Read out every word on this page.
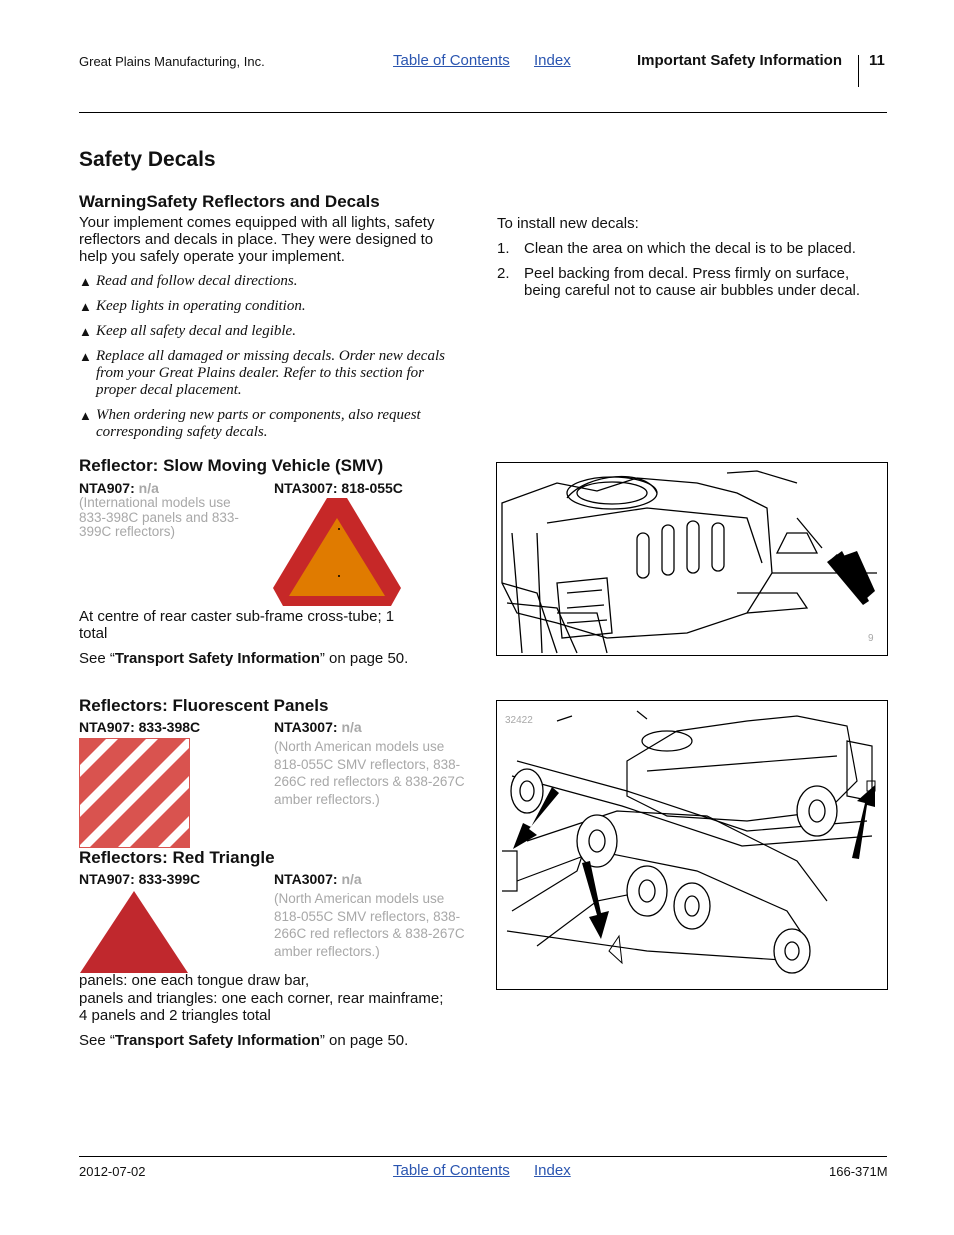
Great Plains Manufacturing, Inc.	Table of Contents Index	Important Safety Information 11
Safety Decals
WarningSafety Reflectors and Decals
Your implement comes equipped with all lights, safety reflectors and decals in place. They were designed to help you safely operate your implement.
▲ Read and follow decal directions.
▲ Keep lights in operating condition.
▲ Keep all safety decal and legible.
▲ Replace all damaged or missing decals. Order new decals from your Great Plains dealer. Refer to this section for proper decal placement.
▲ When ordering new parts or components, also request corresponding safety decals.
To install new decals:
1. Clean the area on which the decal is to be placed.
2. Peel backing from decal. Press firmly on surface, being careful not to cause air bubbles under decal.
Reflector: Slow Moving Vehicle (SMV)
NTA907: n/a	NTA3007: 818-055C
(International models use 833-398C panels and 833-399C reflectors)
At centre of rear caster sub-frame cross-tube; 1 total
See “Transport Safety Information” on page 50.
9
Reflectors: Fluorescent Panels
NTA907: 833-398C	NTA3007: n/a
(North American models use 818-055C SMV reflectors, 838-266C red reflectors & 838-267C amber reflectors.)
Reflectors: Red Triangle
NTA907: 833-399C	NTA3007: n/a
(North American models use 818-055C SMV reflectors, 838-266C red reflectors & 838-267C amber reflectors.)
panels: one each tongue draw bar,
panels and triangles: one each corner, rear mainframe;
4 panels and 2 triangles total
See “Transport Safety Information” on page 50.
32422
2012-07-02	Table of Contents Index	166-371M
